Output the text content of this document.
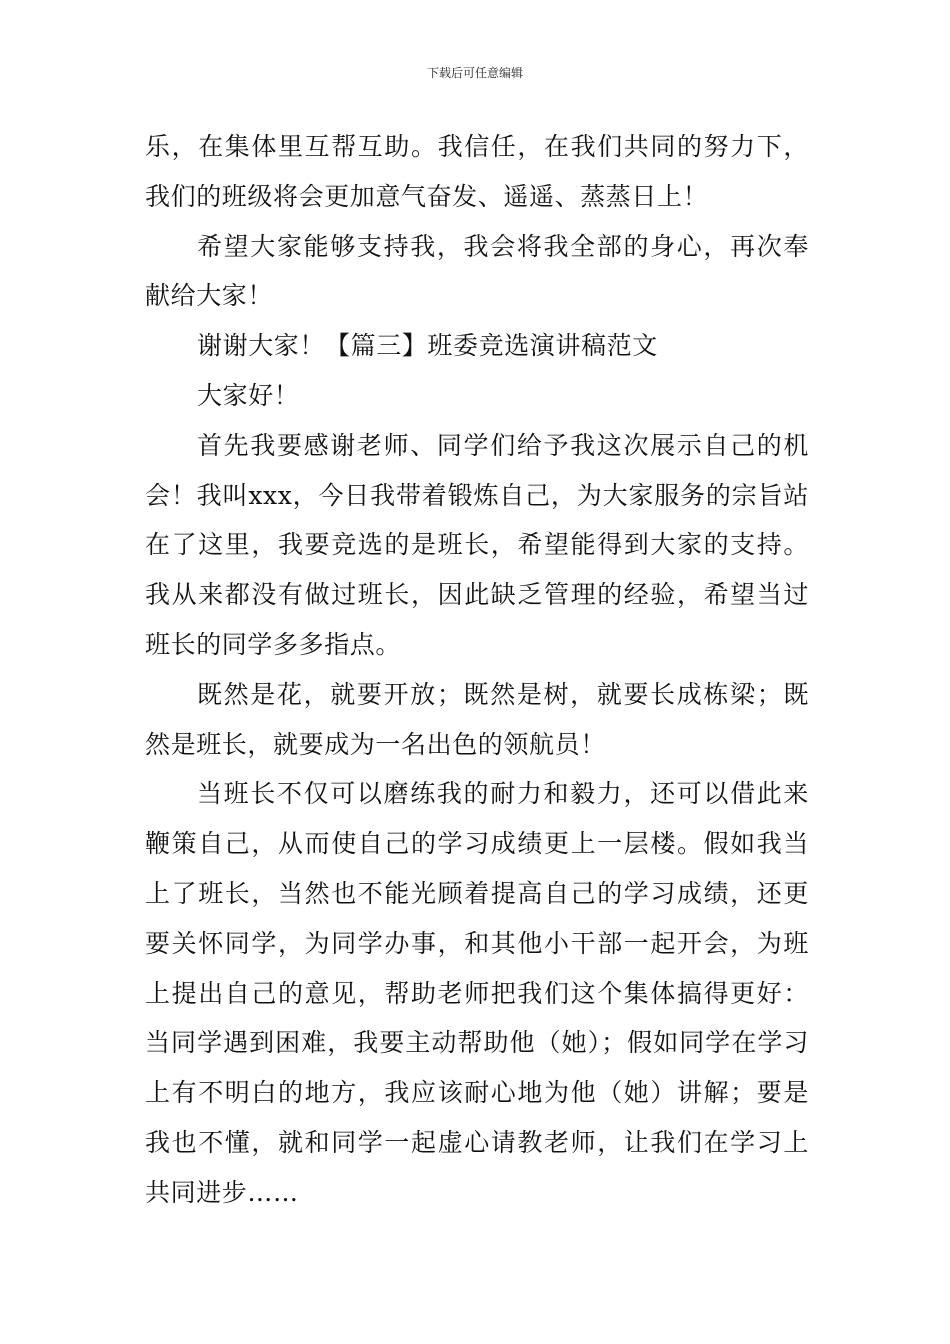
下载后可任意编辑

乐，在集体里互帮互助。我信任，在我们共同的努力下，我们的班级将会更加意气奋发、遥遥、蒸蒸日上！

希望大家能够支持我，我会将我全部的身心，再次奉献给大家！

谢谢大家！【篇三】班委竞选演讲稿范文

大家好！

首先我要感谢老师、同学们给予我这次展示自己的机会！我叫xxx，今日我带着锻炼自己，为大家服务的宗旨站在了这里，我要竞选的是班长，希望能得到大家的支持。我从来都没有做过班长，因此缺乏管理的经验，希望当过班长的同学多多指点。

既然是花，就要开放；既然是树，就要长成栋梁；既然是班长，就要成为一名出色的领航员！

当班长不仅可以磨练我的耐力和毅力，还可以借此来鞭策自己，从而使自己的学习成绩更上一层楼。假如我当上了班长，当然也不能光顾着提高自己的学习成绩，还更要关怀同学，为同学办事，和其他小干部一起开会，为班上提出自己的意见，帮助老师把我们这个集体搞得更好：当同学遇到困难，我要主动帮助他（她）；假如同学在学习上有不明白的地方，我应该耐心地为他（她）讲解；要是我也不懂，就和同学一起虚心请教老师，让我们在学习上共同进步……
